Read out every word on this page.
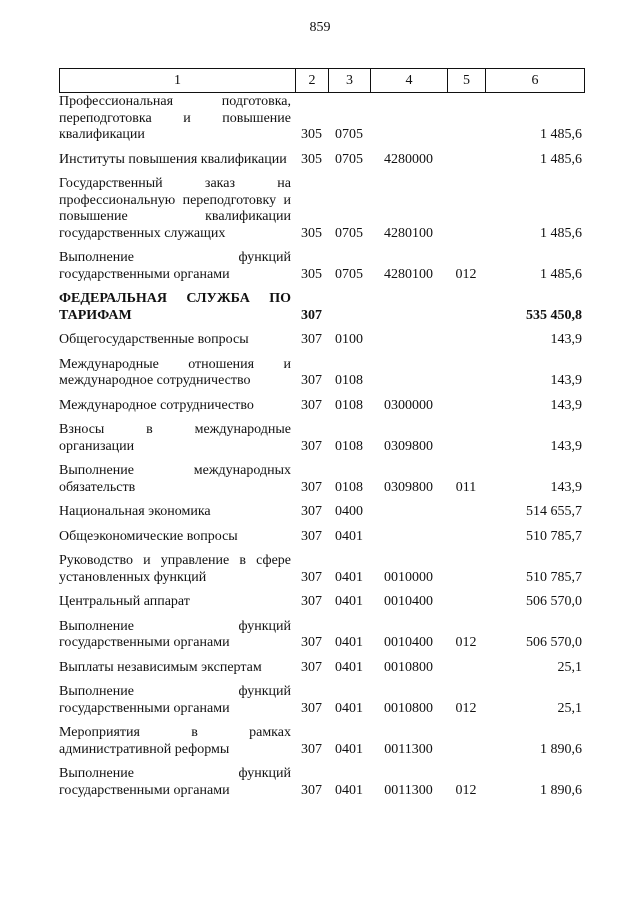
859
1	2	3	4	5	6
Профессиональная подготовка, переподготовка и повышение квалификации	305	0705			1 485,6

Институты повышения квалификации	305	0705	4280000		1 485,6

Государственный заказ на профессиональную переподготовку и повышение квалификации государственных служащих	305	0705	4280100		1 485,6

Выполнение функций государственными органами	305	0705	4280100	012	1 485,6

ФЕДЕРАЛЬНАЯ СЛУЖБА ПО ТАРИФАМ	307				535 450,8

Общегосударственные вопросы	307	0100			143,9

Международные отношения и международное сотрудничество	307	0108			143,9

Международное сотрудничество	307	0108	0300000		143,9

Взносы в международные организации	307	0108	0309800		143,9

Выполнение международных обязательств	307	0108	0309800	011	143,9

Национальная экономика	307	0400			514 655,7

Общеэкономические вопросы	307	0401			510 785,7

Руководство и управление в сфере установленных функций	307	0401	0010000		510 785,7

Центральный аппарат	307	0401	0010400		506 570,0

Выполнение функций государственными органами	307	0401	0010400	012	506 570,0

Выплаты независимым экспертам	307	0401	0010800		25,1

Выполнение функций государственными органами	307	0401	0010800	012	25,1

Мероприятия в рамках административной реформы	307	0401	0011300		1 890,6

Выполнение функций государственными органами	307	0401	0011300	012	1 890,6
